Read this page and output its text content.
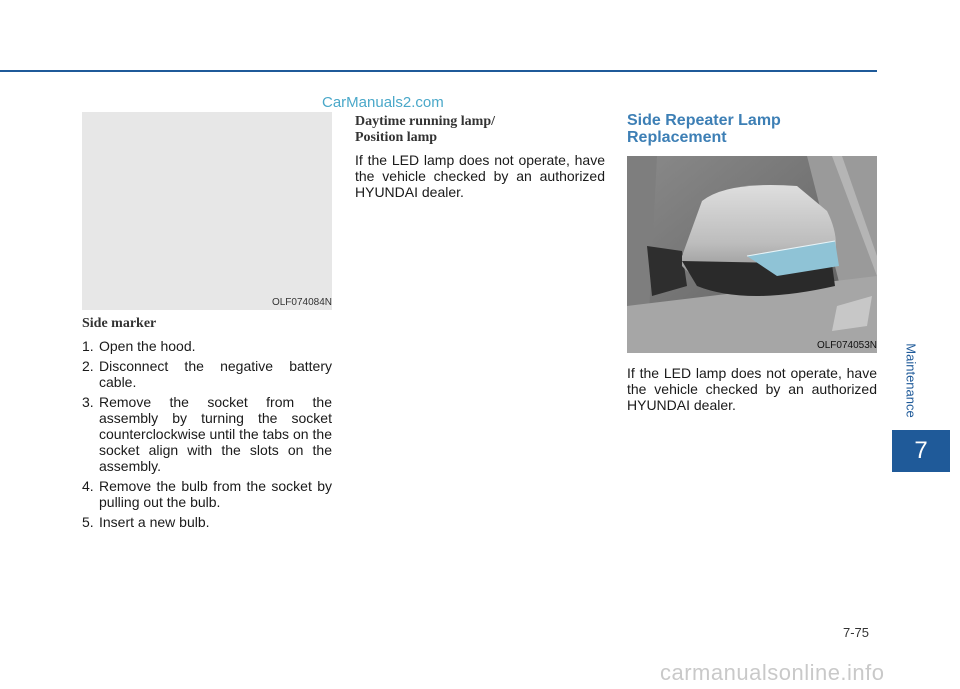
CarManuals2.com
Maintenance
7
OLF074084N
Side marker
1. Open the hood.
2. Disconnect the negative battery cable.
3. Remove the socket from the assembly by turning the socket counterclockwise until the tabs on the socket align with the slots on the assembly.
4. Remove the bulb from the socket by pulling out the bulb.
5. Insert a new bulb.
Daytime running lamp/
Position lamp

If the LED lamp does not operate, have the vehicle checked by an authorized HYUNDAI dealer.

Side Repeater Lamp
Replacement
OLF074053N

If the LED lamp does not operate, have the vehicle checked by an authorized HYUNDAI dealer.

7-75
carmanualsonline.info
